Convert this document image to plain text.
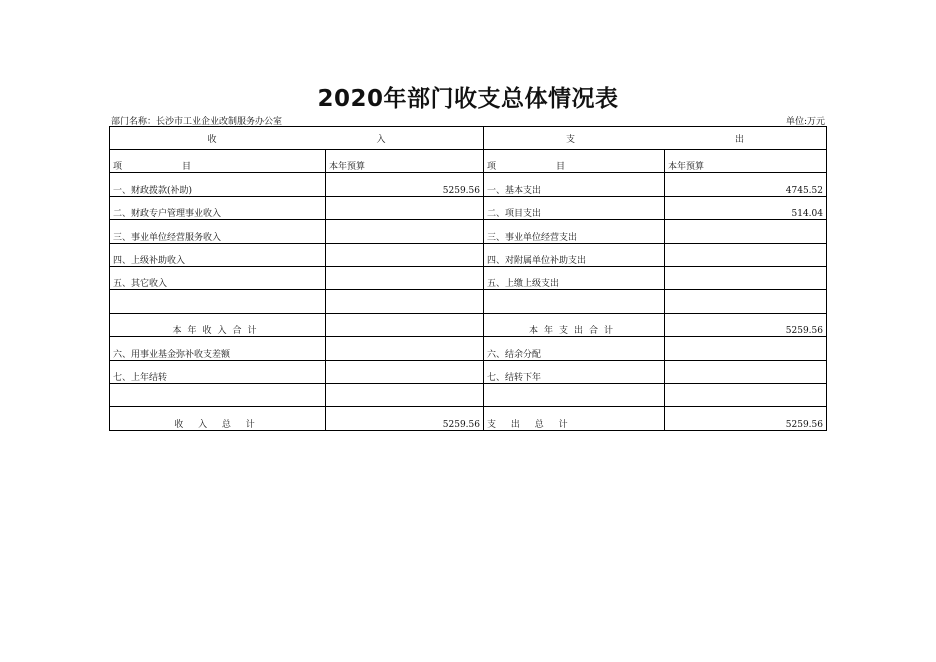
2020年部门收支总体情况表
部门名称：长沙市工业企业改制服务办公室	单位:万元
收 入		支 出	
项 目	本年预算	项 目	本年预算
一、财政拨款(补助)	5259.56	一、基本支出	4745.52
二、财政专户管理事业收入		二、项目支出	514.04
三、事业单位经营服务收入		三、事业单位经营支出	
四、上级补助收入		四、对附属单位补助支出	
五、其它收入		五、上缴上级支出	

本年收入合计		本年支出合计	5259.56
六、用事业基金弥补收支差额		六、结余分配	
七、上年结转		七、结转下年	

收 入 总 计	5259.56	支 出 总 计	5259.56
